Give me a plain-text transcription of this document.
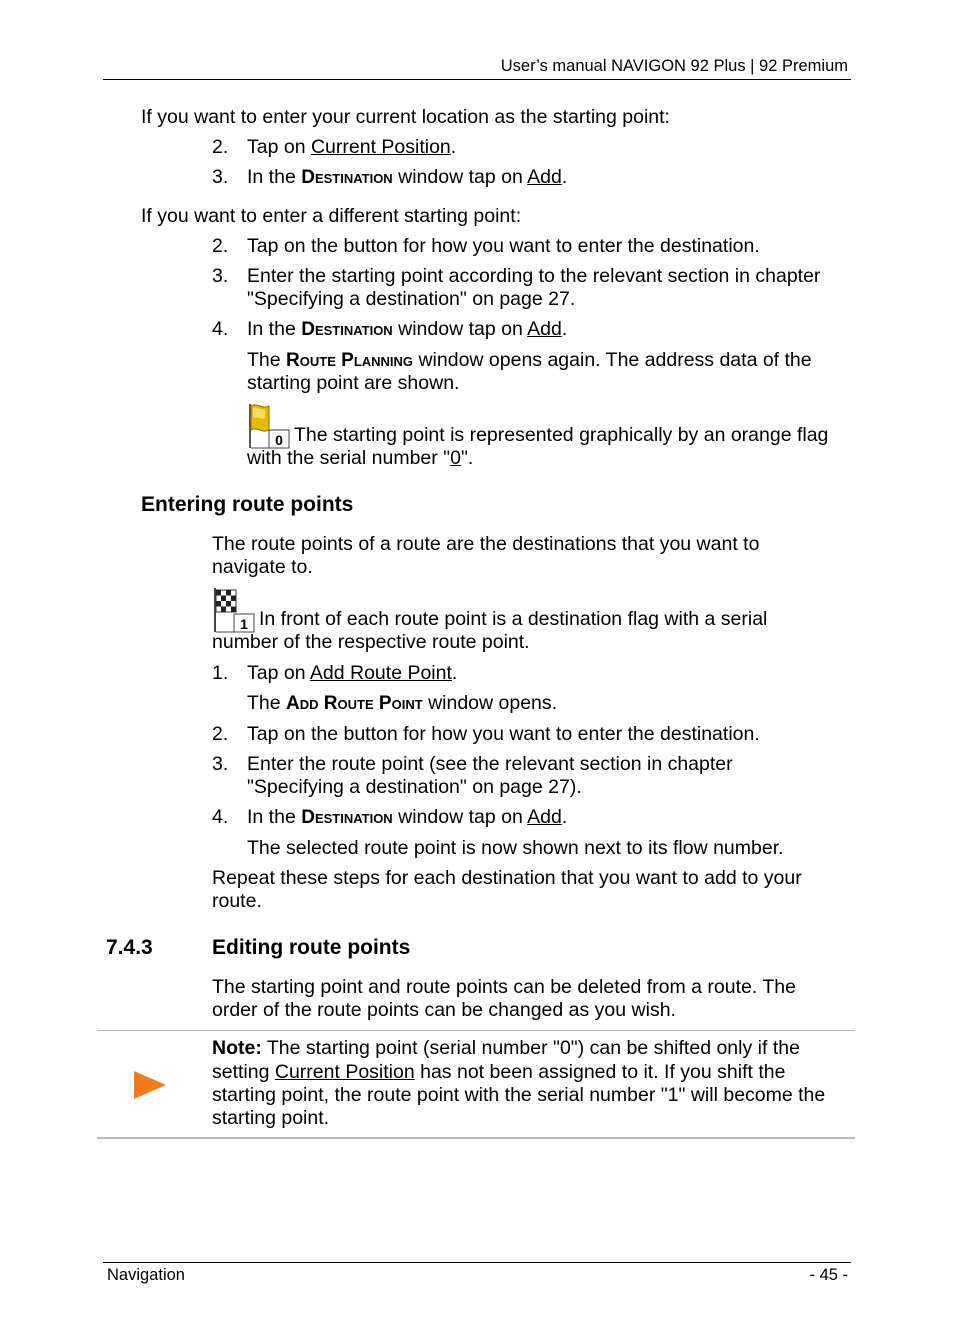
User’s manual NAVIGON 92 Plus | 92 Premium
If you want to enter your current location as the starting point:
2. Tap on Current Position.
3. In the Destination window tap on Add.
If you want to enter a different starting point:
2. Tap on the button for how you want to enter the destination.
3. Enter the starting point according to the relevant section in chapter
"Specifying a destination" on page 27.
4. In the Destination window tap on Add.
The Route Planning window opens again. The address data of the
starting point are shown.
0 The starting point is represented graphically by an orange flag
with the serial number "0".
Entering route points
The route points of a route are the destinations that you want to
navigate to.
1 In front of each route point is a destination flag with a serial
number of the respective route point.
1. Tap on Add Route Point.
The Add Route Point window opens.
2. Tap on the button for how you want to enter the destination.
3. Enter the route point (see the relevant section in chapter
"Specifying a destination" on page 27).
4. In the Destination window tap on Add.
The selected route point is now shown next to its flow number.
Repeat these steps for each destination that you want to add to your
route.
7.4.3	Editing route points
The starting point and route points can be deleted from a route. The
order of the route points can be changed as you wish.
Note: The starting point (serial number "0") can be shifted only if the
setting Current Position has not been assigned to it. If you shift the
starting point, the route point with the serial number "1" will become the
starting point.
Navigation	- 45 -
